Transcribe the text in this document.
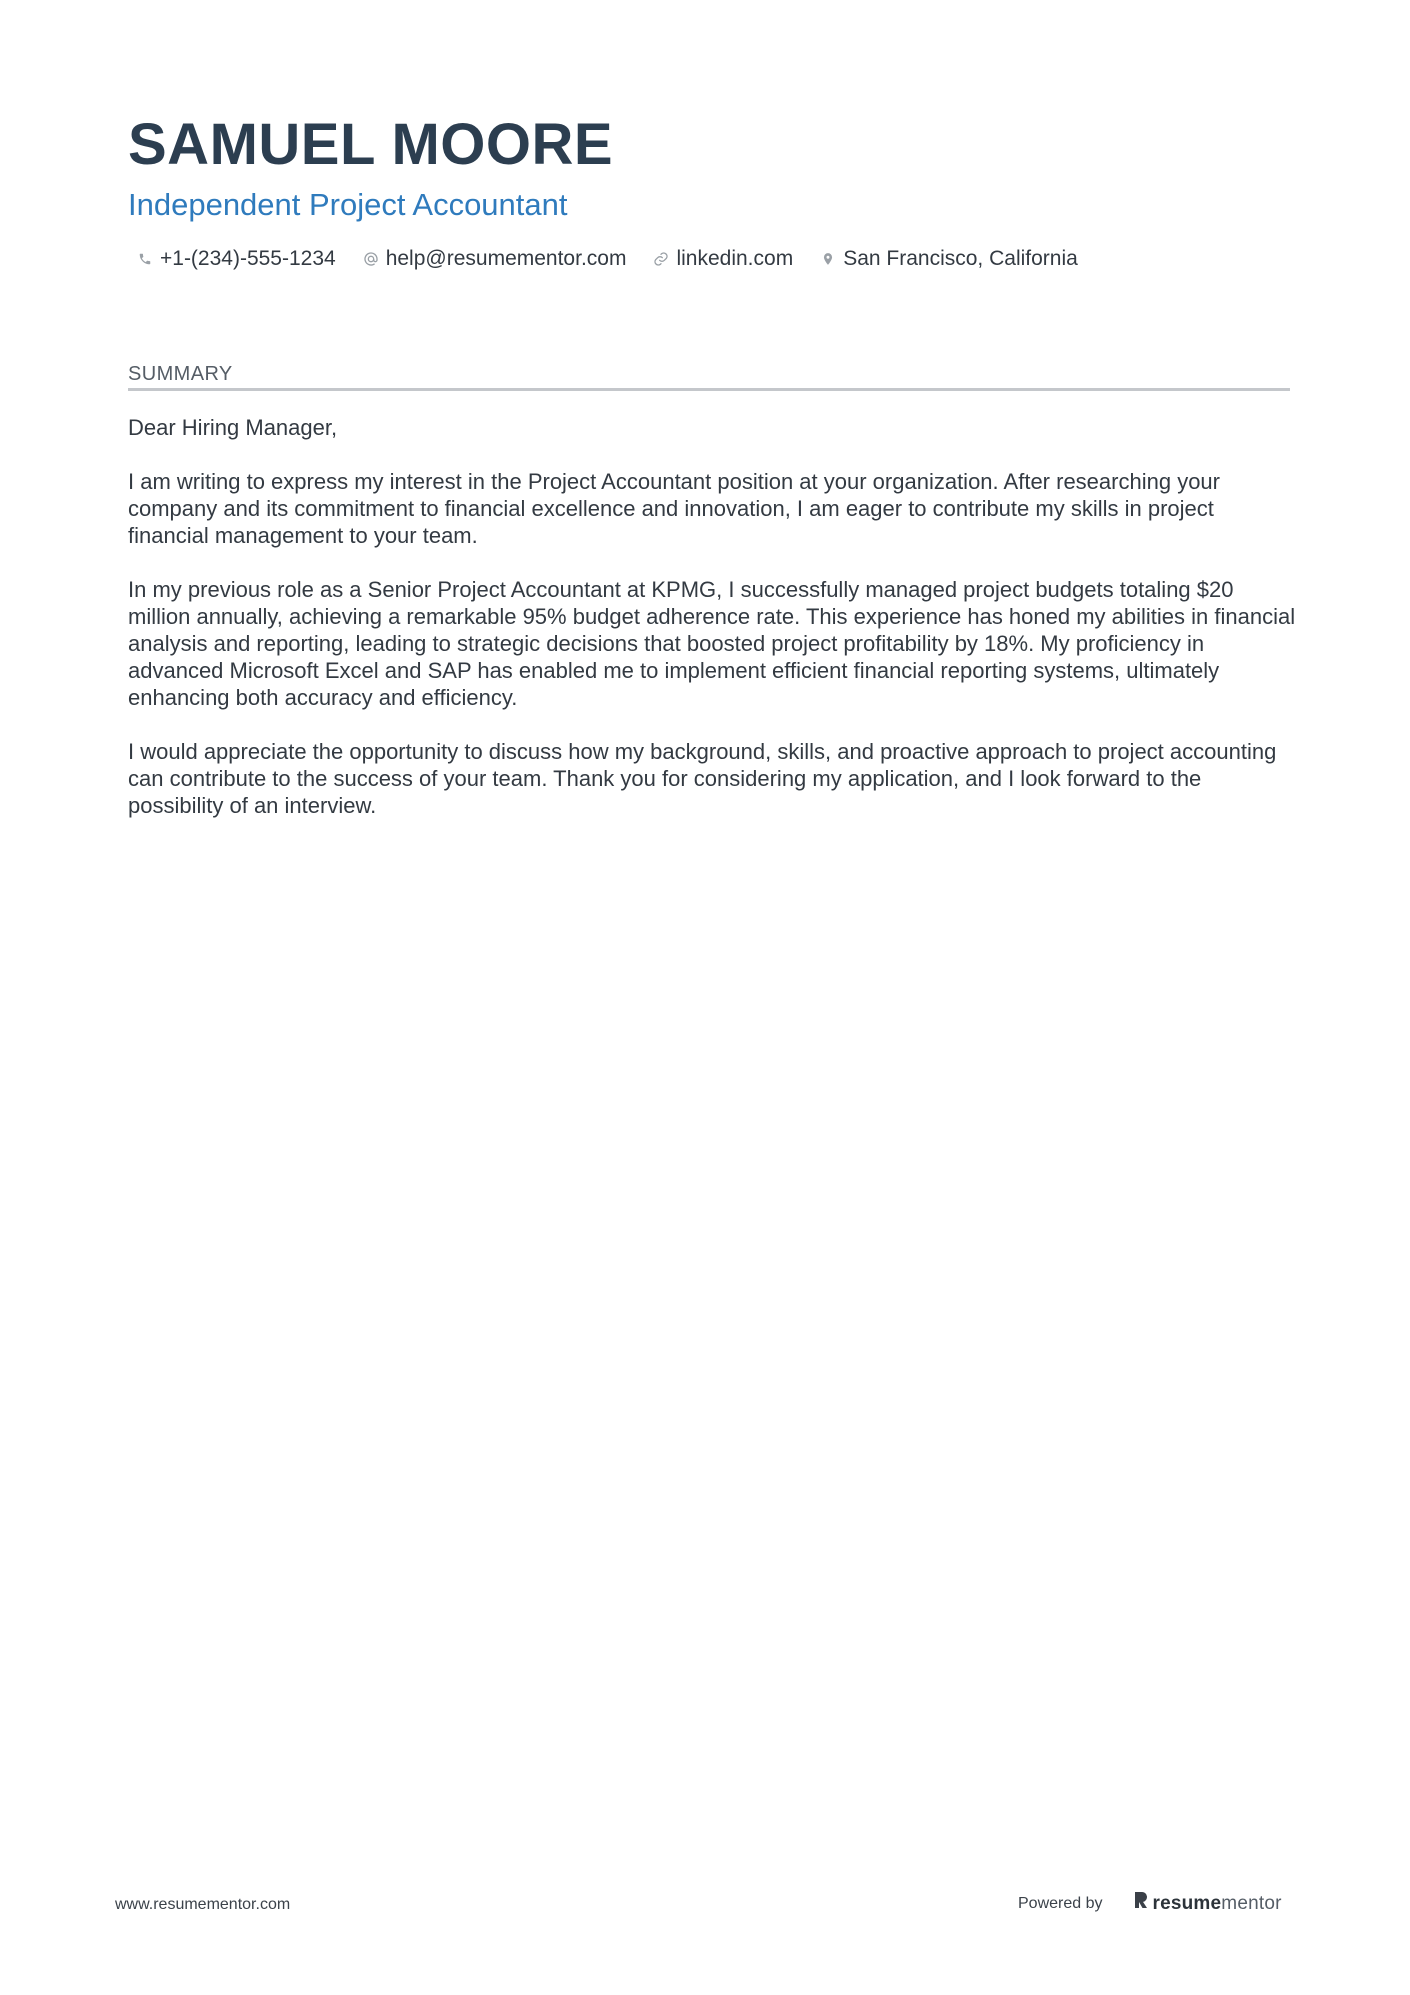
SAMUEL MOORE
Independent Project Accountant
+1-(234)-555-1234 help@resumementor.com linkedin.com San Francisco, California
SUMMARY

Dear Hiring Manager,

I am writing to express my interest in the Project Accountant position at your organization. After researching your company and its commitment to financial excellence and innovation, I am eager to contribute my skills in project financial management to your team.

In my previous role as a Senior Project Accountant at KPMG, I successfully managed project budgets totaling $20 million annually, achieving a remarkable 95% budget adherence rate. This experience has honed my abilities in financial analysis and reporting, leading to strategic decisions that boosted project profitability by 18%. My proficiency in advanced Microsoft Excel and SAP has enabled me to implement efficient financial reporting systems, ultimately enhancing both accuracy and efficiency.

I would appreciate the opportunity to discuss how my background, skills, and proactive approach to project accounting can contribute to the success of your team. Thank you for considering my application, and I look forward to the possibility of an interview.

www.resumementor.com	Powered by	resumementor
